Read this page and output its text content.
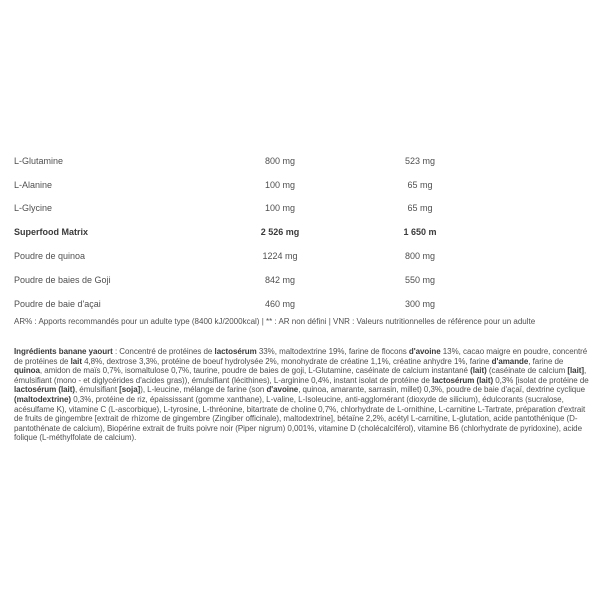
L-Glutamine	800 mg	523 mg
L-Alanine	100 mg	65 mg
L-Glycine	100 mg	65 mg
Superfood Matrix	2 526 mg	1 650 m
Poudre de quinoa	1224 mg	800 mg
Poudre de baies de Goji	842 mg	550 mg
Poudre de baie d'açai	460 mg	300 mg
AR% : Apports recommandés pour un adulte type (8400 kJ/2000kcal) | ** : AR non défini | VNR : Valeurs nutritionnelles de référence pour un adulte
Ingrédients banane yaourt : Concentré de protéines de lactosérum 33%, maltodextrine 19%, farine de flocons d'avoine 13%, cacao maigre en poudre, concentré de protéines de lait 4,8%, dextrose 3,3%, protéine de boeuf hydrolysée 2%, monohydrate de créatine 1,1%, créatine anhydre 1%, farine d'amande, farine de quinoa, amidon de maïs 0,7%, isomaltulose 0,7%, taurine, poudre de baies de goji, L-Glutamine, caséinate de calcium instantané (lait) (caséinate de calcium [lait], émulsifiant (mono - et diglycérides d'acides gras)), émulsifiant (lécithines), L-arginine 0,4%, instant isolat de protéine de lactosérum (lait) 0,3% [isolat de protéine de lactosérum (lait), émulsifiant [soja]), L-leucine, mélange de farine (son d'avoine, quinoa, amarante, sarrasin, millet) 0,3%, poudre de baie d'açaï, dextrine cyclique (maltodextrine) 0,3%, protéine de riz, épaississant (gomme xanthane), L-valine, L-Isoleucine, anti-agglomérant (dioxyde de silicium), édulcorants (sucralose, acésulfame K), vitamine C (L-ascorbique), L-tyrosine, L-thréonine, bitartrate de choline 0,7%, chlorhydrate de L-ornithine, L-carnitine L-Tartrate, préparation d'extrait de fruits de gingembre [extrait de rhizome de gingembre (Zingiber officinale), maltodextrine], bétaïne 2,2%, acétyl L-carnitine, L-glutation, acide pantothénique (D-pantothénate de calcium), Biopérine extrait de fruits poivre noir (Piper nigrum) 0,001%, vitamine D (cholécalciférol), vitamine B6 (chlorhydrate de pyridoxine), acide folique (L-méthylfolate de calcium).
